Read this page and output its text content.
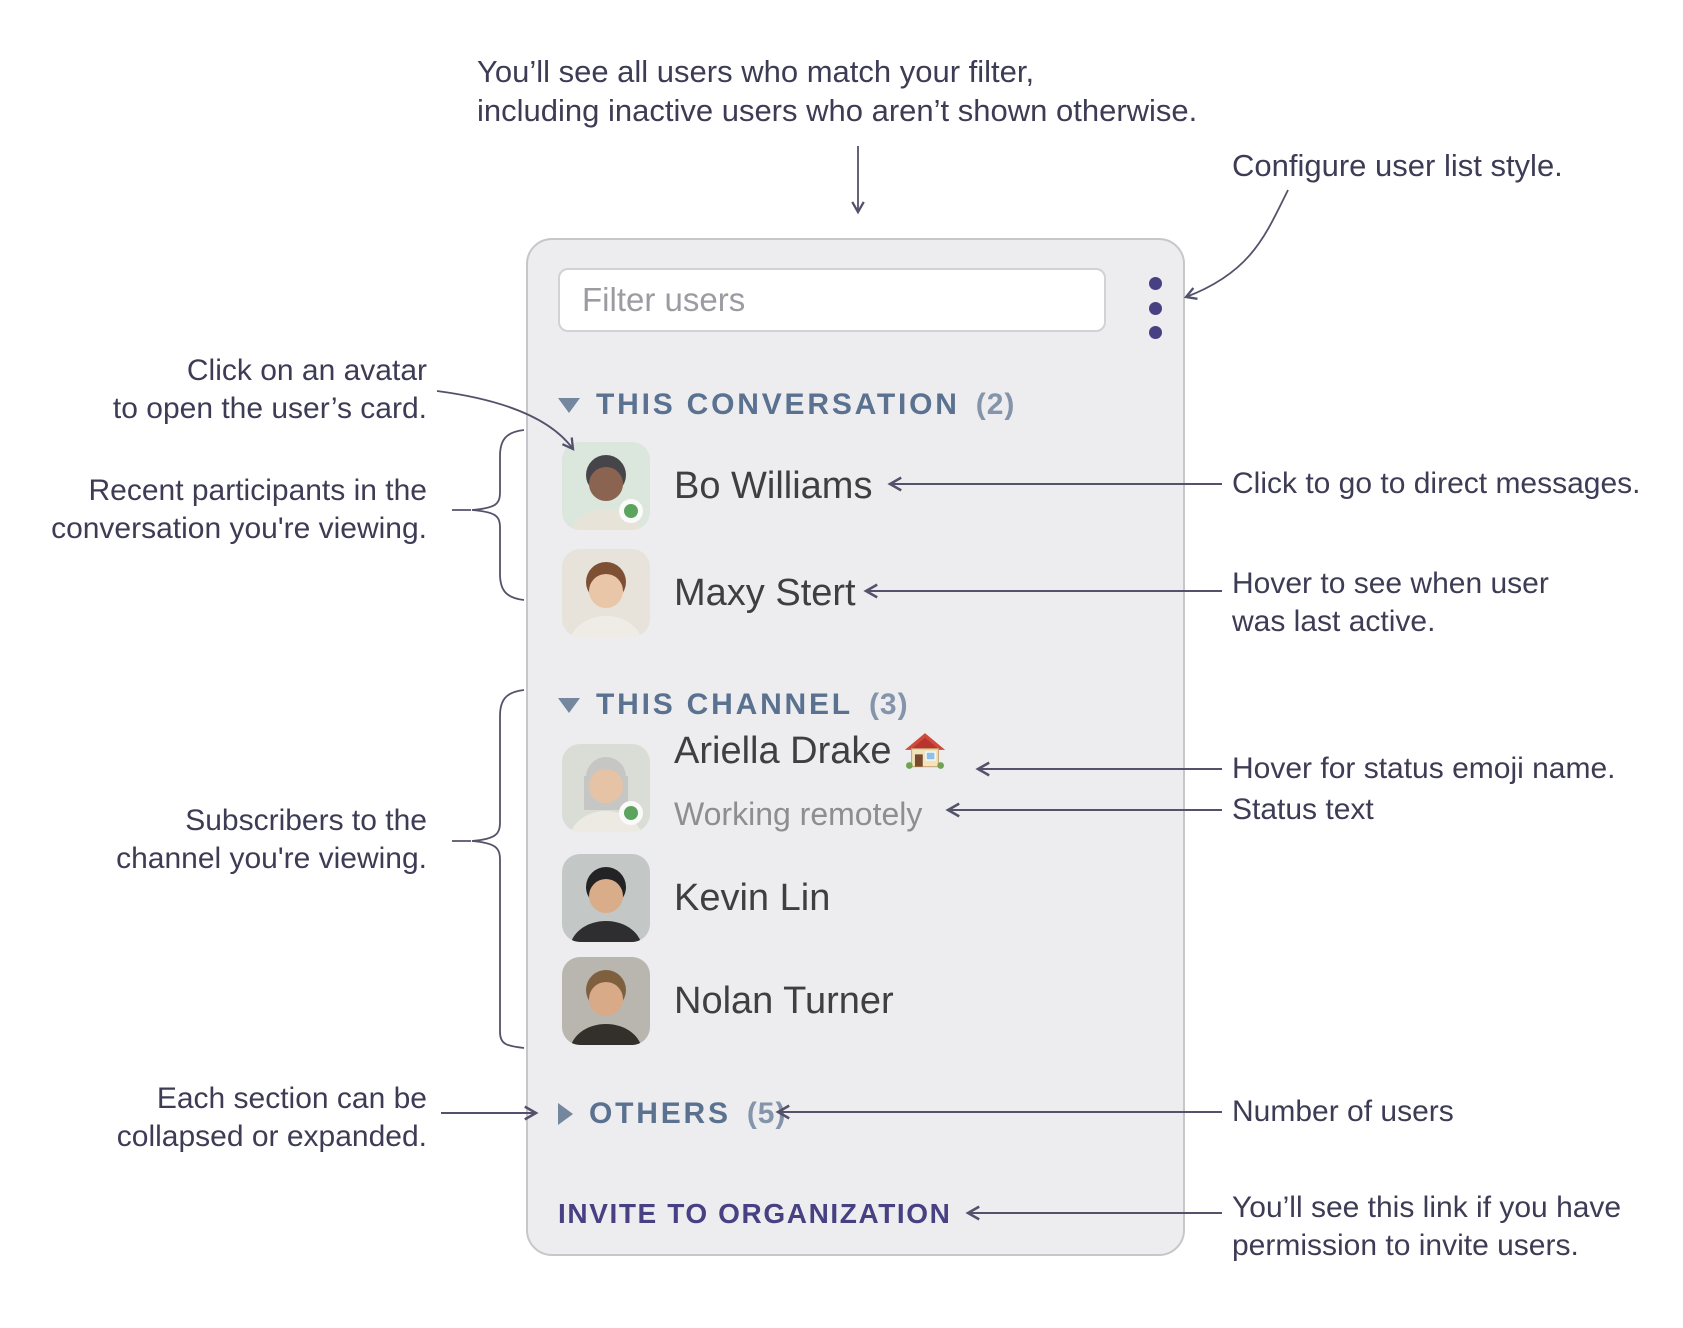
You’ll see all users who match your filter,
including inactive users who aren’t shown otherwise.
Configure user list style.
Click on an avatar
to open the user’s card.
Recent participants in the
conversation you're viewing.
Subscribers to the
channel you're viewing.
Each section can be
collapsed or expanded.
Click to go to direct messages.
Hover to see when user
was last active.
Hover for status emoji name.
Status text
Number of users
You’ll see this link if you have
permission to invite users.
Filter users
THIS CONVERSATION (2)
Bo Williams
Maxy Stert
THIS CHANNEL (3)
Ariella Drake
Working remotely
Kevin Lin
Nolan Turner
OTHERS (5)
INVITE TO ORGANIZATION
